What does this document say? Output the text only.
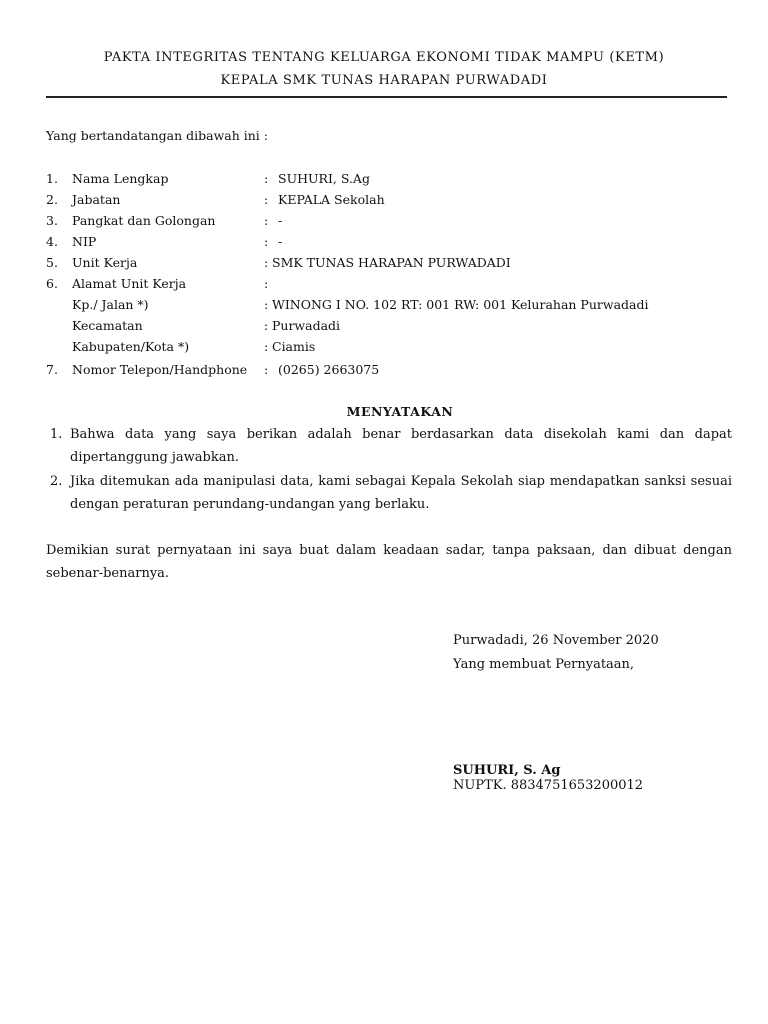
PAKTA INTEGRITAS TENTANG KELUARGA EKONOMI TIDAK MAMPU (KETM)
KEPALA SMK TUNAS HARAPAN PURWADADI
Yang bertandatangan dibawah ini :
1. Nama Lengkap	: SUHURI, S.Ag
2. Jabatan	: KEPALA Sekolah
3. Pangkat dan Golongan	: -
4. NIP	: -
5. Unit Kerja	: SMK TUNAS HARAPAN PURWADADI
6. Alamat Unit Kerja	:
Kp./ Jalan *)	: WINONG I NO. 102 RT: 001 RW: 001 Kelurahan Purwadadi
Kecamatan	: Purwadadi
Kabupaten/Kota *)	: Ciamis
7. Nomor Telepon/Handphone : (0265) 2663075
MENYATAKAN
1. Bahwa data yang saya berikan adalah benar berdasarkan data disekolah kami dan dapat dipertanggung jawabkan.
2. Jika ditemukan ada manipulasi data, kami sebagai Kepala Sekolah siap mendapatkan sanksi sesuai dengan peraturan perundang-undangan yang berlaku.
Demikian surat pernyataan ini saya buat dalam keadaan sadar, tanpa paksaan, dan dibuat dengan sebenar-benarnya.
Purwadadi, 26 November 2020
Yang membuat Pernyataan,
SUHURI, S. Ag
NUPTK. 8834751653200012
